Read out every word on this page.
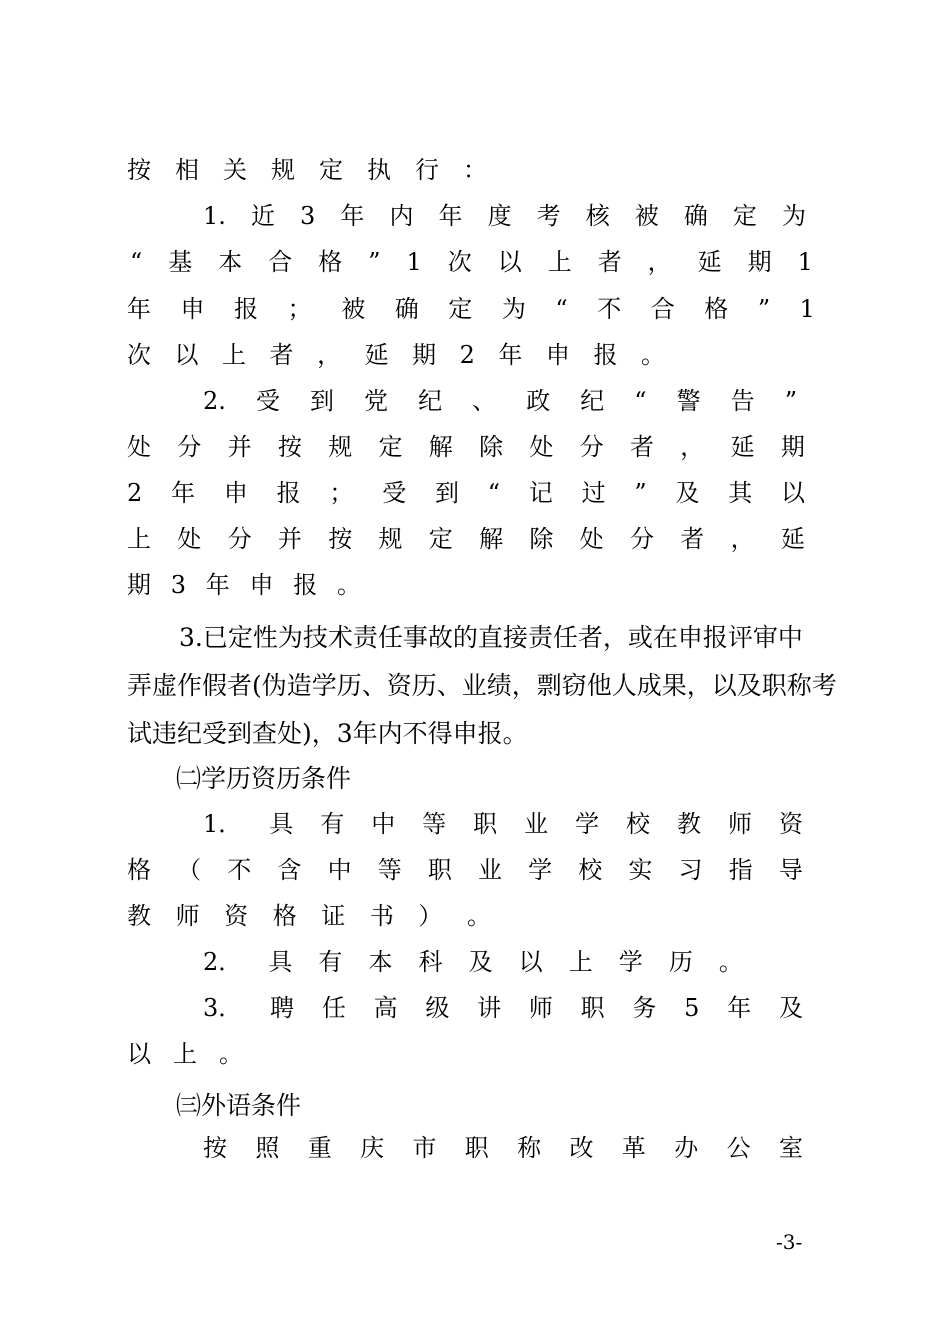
按 相 关 规 定 执 行 ：
1. 近 3 年 内 年 度 考 核 被 确 定 为
“ 基 本 合 格 ” 1 次 以 上 者 ， 延 期 1
年 申 报 ； 被 确 定 为 “ 不 合 格 ” 1
次 以 上 者 ， 延 期 2 年 申 报 。
2. 受 到 党 纪 、 政 纪 “ 警 告 ”
处 分 并 按 规 定 解 除 处 分 者 ， 延 期
2 年 申 报 ； 受 到 “ 记 过 ” 及 其 以
上 处 分 并 按 规 定 解 除 处 分 者 ， 延
期 3 年 申 报 。
3.已定性为技术责任事故的直接责任者，或在申报评审中
弄虚作假者(伪造学历、资历、业绩，剽窃他人成果，以及职称考
试违纪受到查处)，3年内不得申报。
㈡学历资历条件
1． 具 有 中 等 职 业 学 校 教 师 资
格 （ 不 含 中 等 职 业 学 校 实 习 指 导
教 师 资 格 证 书 ） 。
2． 具 有 本 科 及 以 上 学 历 。
3． 聘 任 高 级 讲 师 职 务 5 年 及
以 上 。
㈢外语条件
按 照 重 庆 市 职 称 改 革 办 公 室
-3-
